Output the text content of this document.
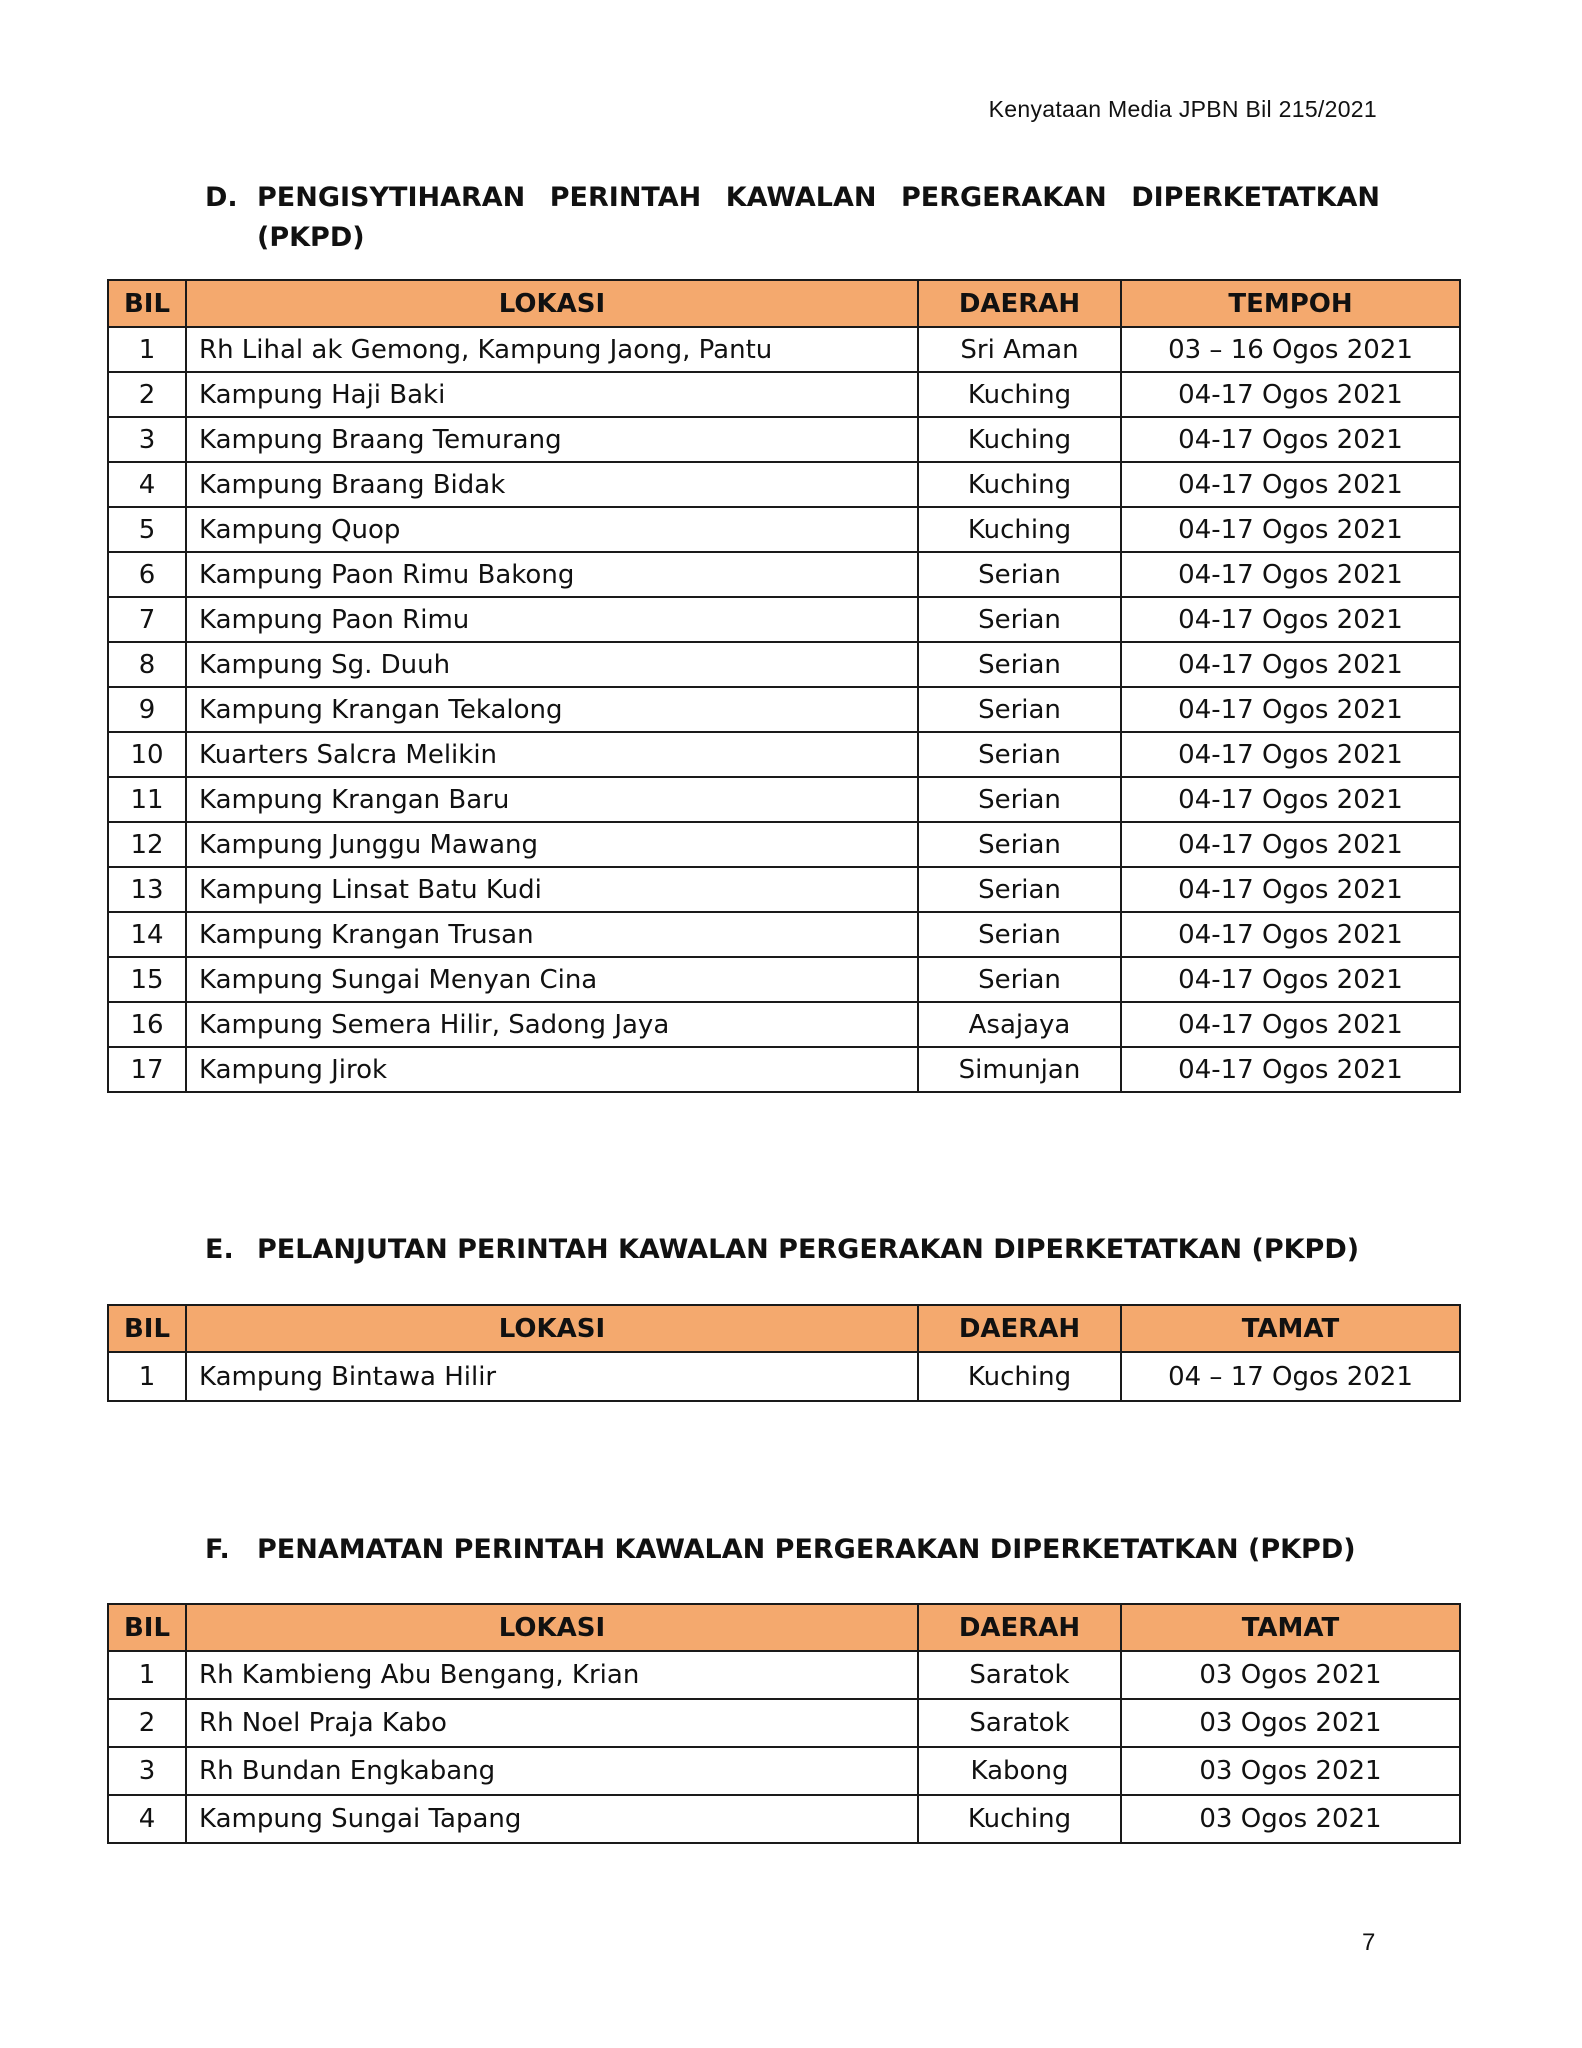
Kenyataan Media JPBN Bil 215/2021
D. PENGISYTIHARAN PERINTAH KAWALAN PERGERAKAN DIPERKETATKAN (PKPD)
BIL	LOKASI	DAERAH	TEMPOH
1	Rh Lihal ak Gemong, Kampung Jaong, Pantu	Sri Aman	03 – 16 Ogos 2021
2	Kampung Haji Baki	Kuching	04-17 Ogos 2021
3	Kampung Braang Temurang	Kuching	04-17 Ogos 2021
4	Kampung Braang Bidak	Kuching	04-17 Ogos 2021
5	Kampung Quop	Kuching	04-17 Ogos 2021
6	Kampung Paon Rimu Bakong	Serian	04-17 Ogos 2021
7	Kampung Paon Rimu	Serian	04-17 Ogos 2021
8	Kampung Sg. Duuh	Serian	04-17 Ogos 2021
9	Kampung Krangan Tekalong	Serian	04-17 Ogos 2021
10	Kuarters Salcra Melikin	Serian	04-17 Ogos 2021
11	Kampung Krangan Baru	Serian	04-17 Ogos 2021
12	Kampung Junggu Mawang	Serian	04-17 Ogos 2021
13	Kampung Linsat Batu Kudi	Serian	04-17 Ogos 2021
14	Kampung Krangan Trusan	Serian	04-17 Ogos 2021
15	Kampung Sungai Menyan Cina	Serian	04-17 Ogos 2021
16	Kampung Semera Hilir, Sadong Jaya	Asajaya	04-17 Ogos 2021
17	Kampung Jirok	Simunjan	04-17 Ogos 2021
E. PELANJUTAN PERINTAH KAWALAN PERGERAKAN DIPERKETATKAN (PKPD)
BIL	LOKASI	DAERAH	TAMAT
1	Kampung Bintawa Hilir	Kuching	04 – 17 Ogos 2021
F. PENAMATAN PERINTAH KAWALAN PERGERAKAN DIPERKETATKAN (PKPD)
BIL	LOKASI	DAERAH	TAMAT
1	Rh Kambieng Abu Bengang, Krian	Saratok	03 Ogos 2021
2	Rh Noel Praja Kabo	Saratok	03 Ogos 2021
3	Rh Bundan Engkabang	Kabong	03 Ogos 2021
4	Kampung Sungai Tapang	Kuching	03 Ogos 2021
7
